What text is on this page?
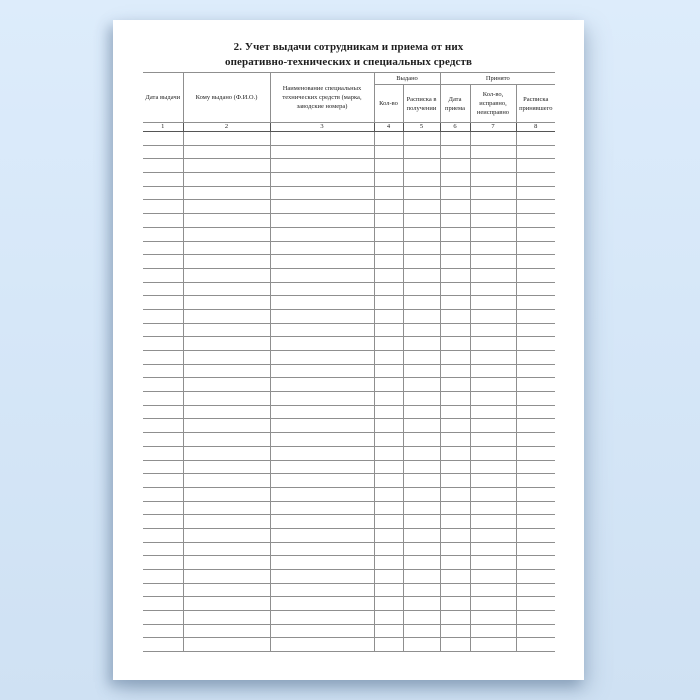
2. Учет выдачи сотрудникам и приема от них
оперативно-технических и специальных средств
Дата выдачи	Кому выдано (Ф.И.О.)	Наименование специальных технических средств (марка, заводские номера)	Выдано		Принято		
			Кол-во	Расписка в получении	Дата приема	Кол-во, исправно, неисправно	Расписка принявшего
1	2	3	4	5	6	7	8
